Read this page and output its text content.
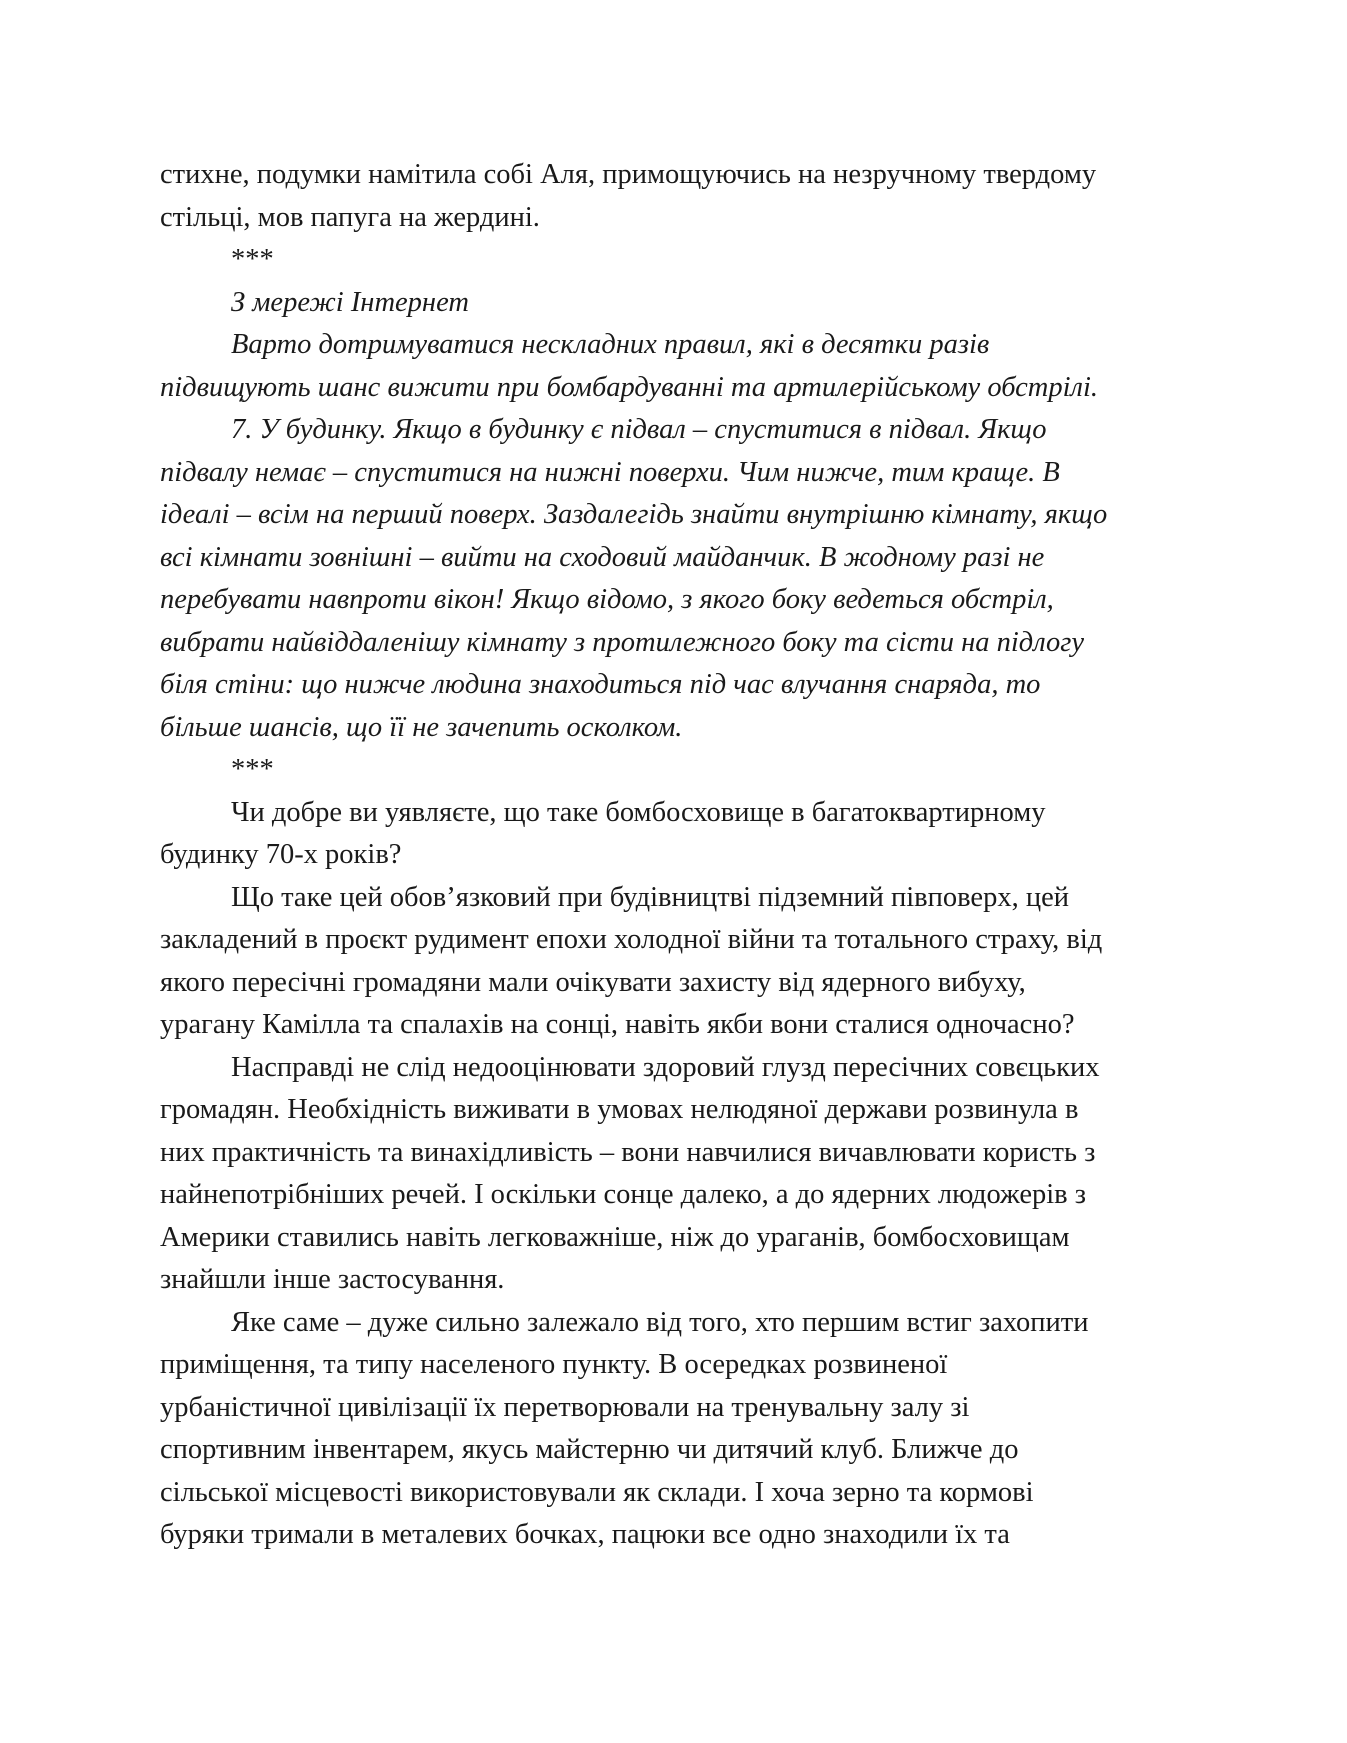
стихне, подумки намітила собі Аля, примощуючись на незручному твердому
стільці, мов папуга на жердині.
***
З мережі Інтернет
Варто дотримуватися нескладних правил, які в десятки разів
підвищують шанс вижити при бомбардуванні та артилерійському обстрілі.
7. У будинку. Якщо в будинку є підвал – спуститися в підвал. Якщо
підвалу немає – спуститися на нижні поверхи. Чим нижче, тим краще. В
ідеалі – всім на перший поверх. Заздалегідь знайти внутрішню кімнату, якщо
всі кімнати зовнішні – вийти на сходовий майданчик. В жодному разі не
перебувати навпроти вікон! Якщо відомо, з якого боку ведеться обстріл,
вибрати найвіддаленішу кімнату з протилежного боку та сісти на підлогу
біля стіни: що нижче людина знаходиться під час влучання снаряда, то
більше шансів, що її не зачепить осколком.
***
Чи добре ви уявляєте, що таке бомбосховище в багатоквартирному
будинку 70-х років?
Що таке цей обов’язковий при будівництві підземний півповерх, цей
закладений в проєкт рудимент епохи холодної війни та тотального страху, від
якого пересічні громадяни мали очікувати захисту від ядерного вибуху,
урагану Камілла та спалахів на сонці, навіть якби вони сталися одночасно?
Насправді не слід недооцінювати здоровий глузд пересічних совєцьких
громадян. Необхідність виживати в умовах нелюдяної держави розвинула в
них практичність та винахідливість – вони навчилися вичавлювати користь з
найнепотрібніших речей. І оскільки сонце далеко, а до ядерних людожерів з
Америки ставились навіть легковажніше, ніж до ураганів, бомбосховищам
знайшли інше застосування.
Яке саме – дуже сильно залежало від того, хто першим встиг захопити
приміщення, та типу населеного пункту. В осередках розвиненої
урбаністичної цивілізації їх перетворювали на тренувальну залу зі
спортивним інвентарем, якусь майстерню чи дитячий клуб. Ближче до
сільської місцевості використовували як склади. І хоча зерно та кормові
буряки тримали в металевих бочках, пацюки все одно знаходили їх та
